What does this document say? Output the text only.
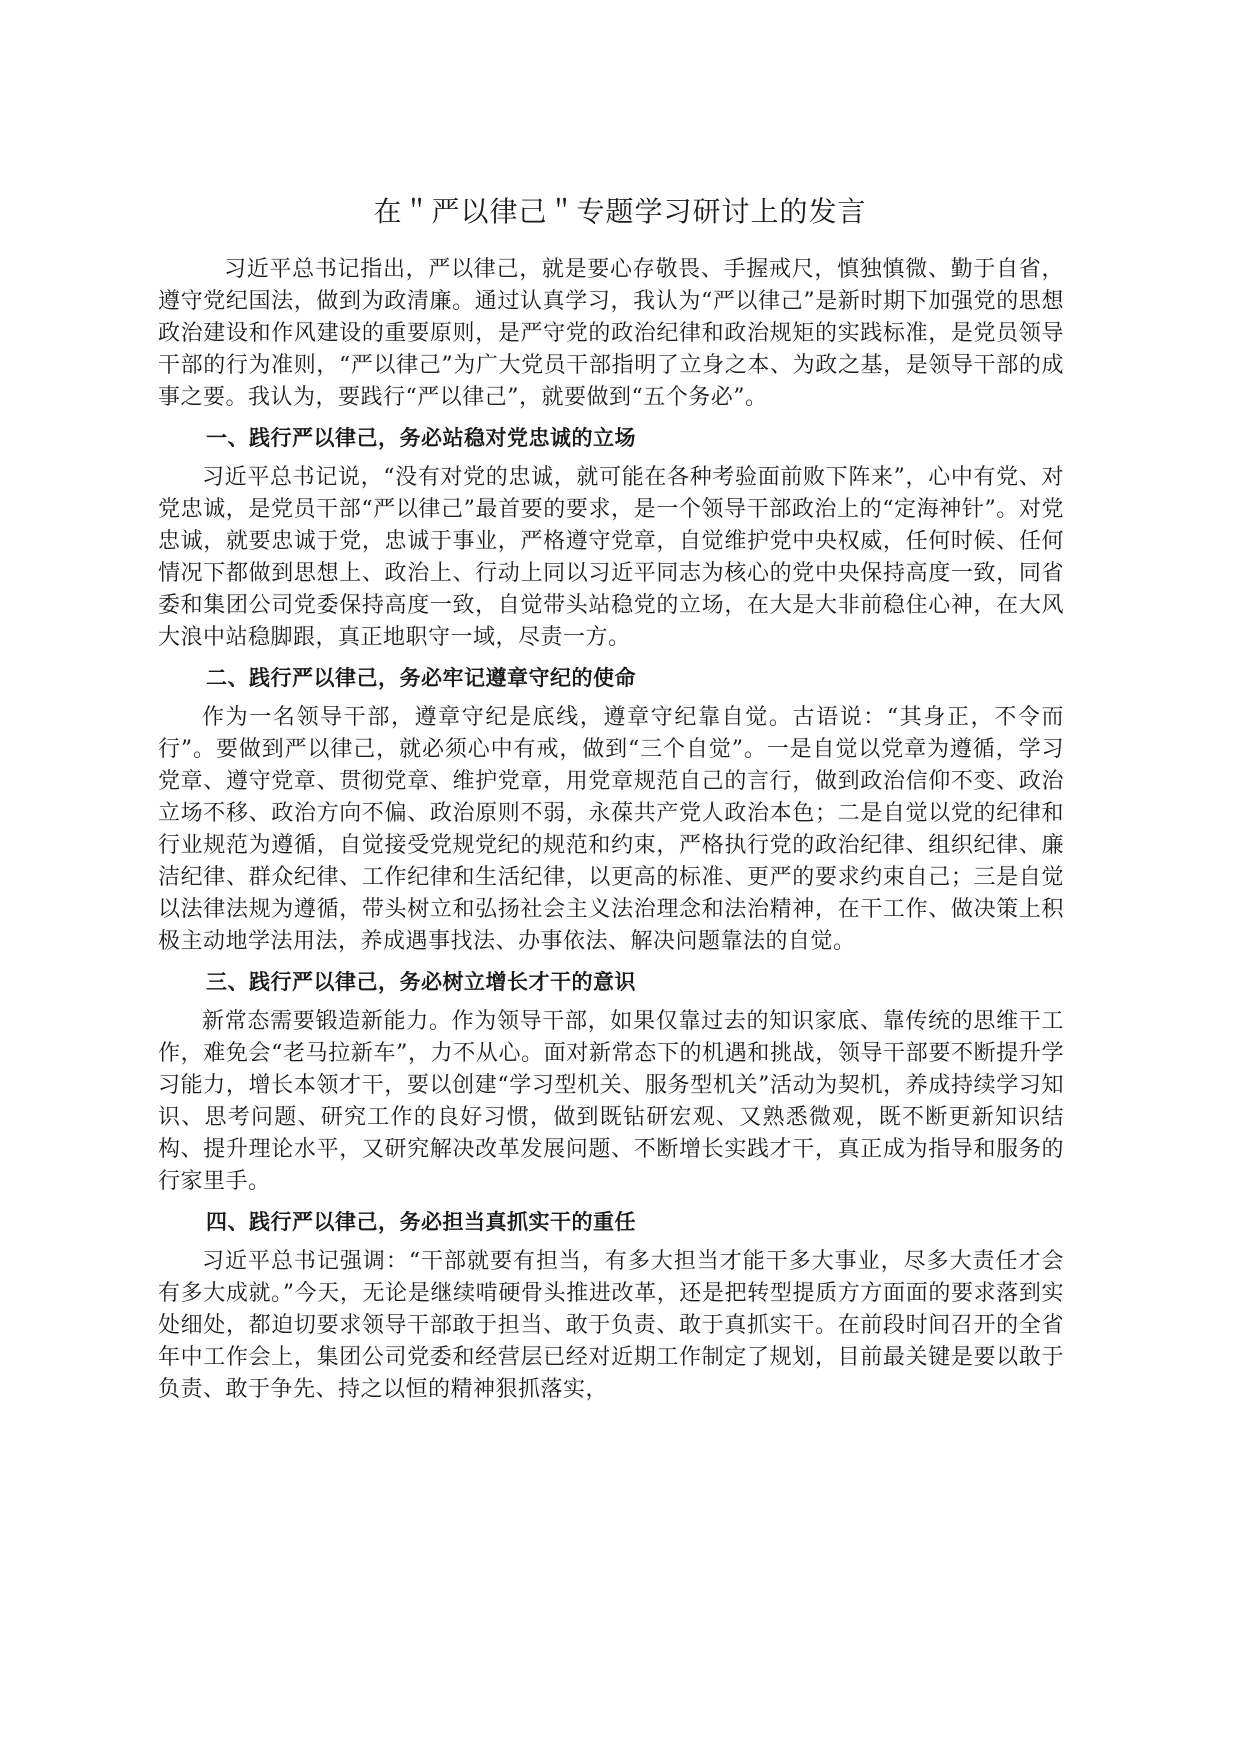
在＂严以律己＂专题学习研讨上的发言

习近平总书记指出，严以律己，就是要心存敬畏、手握戒尺，慎独慎微、勤于自省，遵守党纪国法，做到为政清廉。通过认真学习，我认为“严以律己”是新时期下加强党的思想政治建设和作风建设的重要原则，是严守党的政治纪律和政治规矩的实践标准，是党员领导干部的行为准则，“严以律己”为广大党员干部指明了立身之本、为政之基，是领导干部的成事之要。我认为，要践行“严以律己”，就要做到“五个务必”。

一、践行严以律己，务必站稳对党忠诚的立场

习近平总书记说，“没有对党的忠诚，就可能在各种考验面前败下阵来”，心中有党、对党忠诚，是党员干部“严以律己”最首要的要求，是一个领导干部政治上的“定海神针”。对党忠诚，就要忠诚于党，忠诚于事业，严格遵守党章，自觉维护党中央权威，任何时候、任何情况下都做到思想上、政治上、行动上同以习近平同志为核心的党中央保持高度一致，同省委和集团公司党委保持高度一致，自觉带头站稳党的立场，在大是大非前稳住心神，在大风大浪中站稳脚跟，真正地职守一域，尽责一方。

二、践行严以律己，务必牢记遵章守纪的使命

作为一名领导干部，遵章守纪是底线，遵章守纪靠自觉。古语说：“其身正，不令而行”。要做到严以律己，就必须心中有戒，做到“三个自觉”。一是自觉以党章为遵循，学习党章、遵守党章、贯彻党章、维护党章，用党章规范自己的言行，做到政治信仰不变、政治立场不移、政治方向不偏、政治原则不弱，永葆共产党人政治本色；二是自觉以党的纪律和行业规范为遵循，自觉接受党规党纪的规范和约束，严格执行党的政治纪律、组织纪律、廉洁纪律、群众纪律、工作纪律和生活纪律，以更高的标准、更严的要求约束自己；三是自觉以法律法规为遵循，带头树立和弘扬社会主义法治理念和法治精神，在干工作、做决策上积极主动地学法用法，养成遇事找法、办事依法、解决问题靠法的自觉。

三、践行严以律己，务必树立增长才干的意识

新常态需要锻造新能力。作为领导干部，如果仅靠过去的知识家底、靠传统的思维干工作，难免会“老马拉新车”，力不从心。面对新常态下的机遇和挑战，领导干部要不断提升学习能力，增长本领才干，要以创建“学习型机关、服务型机关”活动为契机，养成持续学习知识、思考问题、研究工作的良好习惯，做到既钻研宏观、又熟悉微观，既不断更新知识结构、提升理论水平，又研究解决改革发展问题、不断增长实践才干，真正成为指导和服务的行家里手。

四、践行严以律己，务必担当真抓实干的重任

习近平总书记强调：“干部就要有担当，有多大担当才能干多大事业，尽多大责任才会有多大成就。”今天，无论是继续啃硬骨头推进改革，还是把转型提质方方面面的要求落到实处细处，都迫切要求领导干部敢于担当、敢于负责、敢于真抓实干。在前段时间召开的全省年中工作会上，集团公司党委和经营层已经对近期工作制定了规划，目前最关键是要以敢于负责、敢于争先、持之以恒的精神狠抓落实，
